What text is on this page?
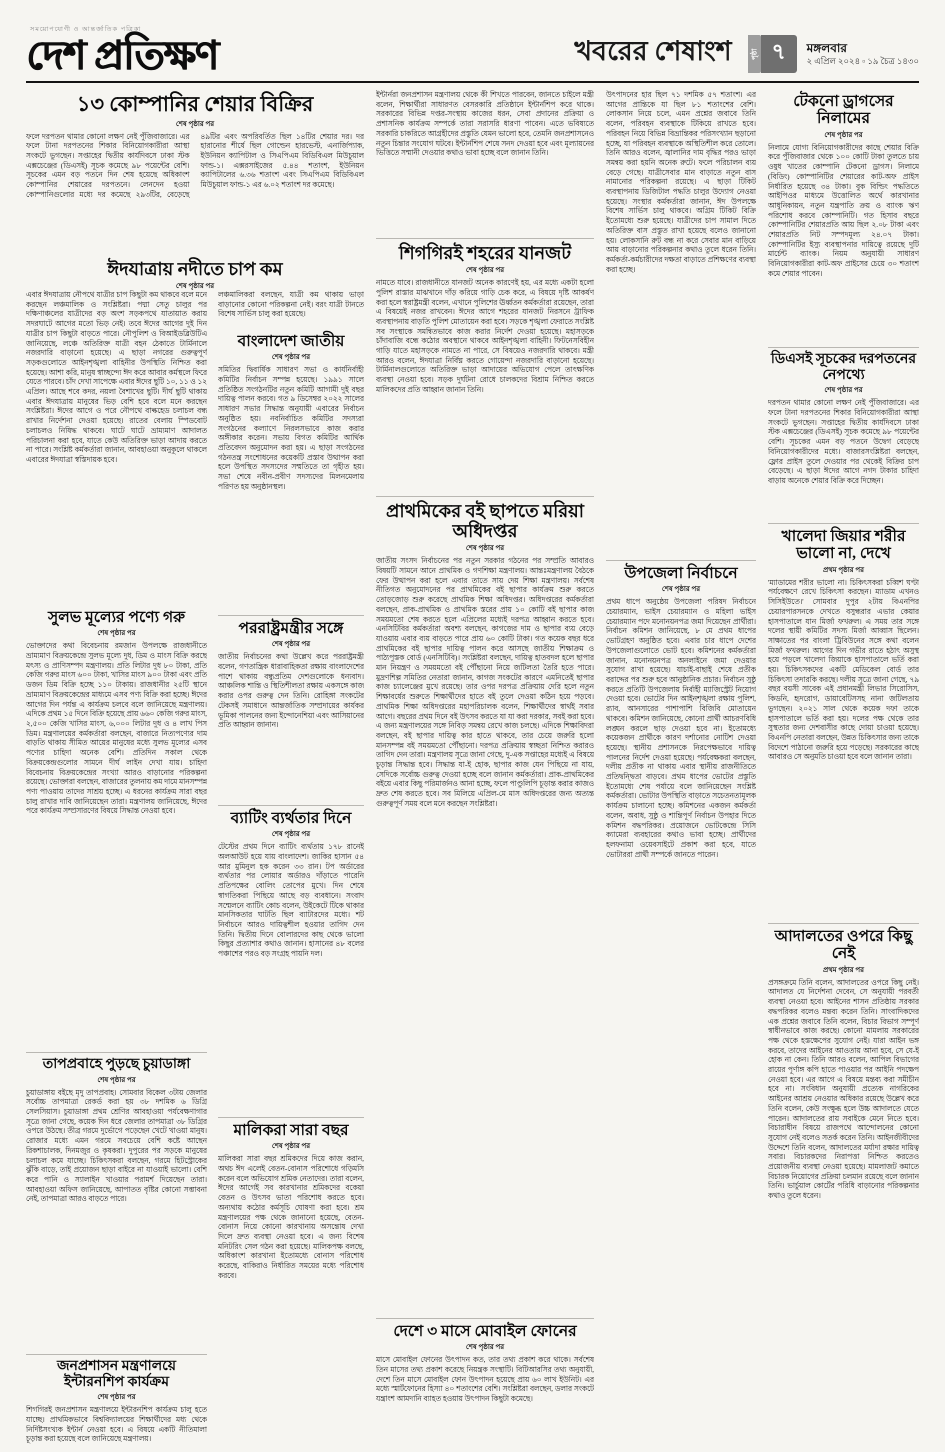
সময়োপযোগী ও আন্তর্জাতিক পত্রিকা
দেশ প্রতিক্ষণ	খবরের শেষাংশ	পৃষ্ঠা ৭	মঙ্গলবার
২ এপ্রিল ২০২৪ ▫ ১৯ চৈত্র ১৪৩০
১৩ কোম্পানির শেয়ার বিক্রির
শেষ পৃষ্ঠার পর
ফলে দরপতন থামার কোনো লক্ষণ নেই পুঁজিবাজারে। এর ফলে টানা দরপতনের শিকার বিনিয়োগকারীরা আস্থা সংকটে ভুগছেন। সপ্তাহের দ্বিতীয় কার্যদিবসে ঢাকা স্টক এক্সচেঞ্জের (ডিএসই) সূচক কমেছে ৯৮ পয়েন্টের বেশি। সূচকের এমন বড় পতনে দিন শেষ হয়েছে অধিকাংশ কোম্পানির শেয়ারের দরপতনে। লেনদেন হওয়া কোম্পানিগুলোর মধ্যে দর কমেছে ২৯৩টির, বেড়েছে ৪৯টির এবং অপরিবর্তিত ছিল ১৪টির শেয়ার দর। দর হারানোর শীর্ষে ছিল গোল্ডেন হারভেস্ট, এনার্জিপ্যাক, ইউনিয়ন ক্যাপিটাল ও সিএপিএম বিডিবিএল মিউচুয়াল ফান্ড-১। এক্সরসাইজের ৫.৪৪ শতাংশ, ইউনিয়ন ক্যাপিটালের ৬.৩৬ শতাংশ এবং সিএপিএম বিডিবিএল মিউচুয়াল ফান্ড-১ এর ৬.০২ শতাংশ দর কমেছে।
ঈদযাত্রায় নদীতে চাপ কম
শেষ পৃষ্ঠার পর
এবার ঈদযাত্রায় নৌপথে যাত্রীর চাপ কিছুটা কম থাকবে বলে মনে করছেন লঞ্চমালিক ও সংশ্লিষ্টরা। পদ্মা সেতু চালুর পর দক্ষিণাঞ্চলের যাত্রীদের বড় অংশ সড়কপথে যাতায়াত করায় সদরঘাটে আগের মতো ভিড় নেই। তবে ঈদের আগের দুই দিন যাত্রীর চাপ কিছুটা বাড়তে পারে। নৌপুলিশ ও বিআইডব্লিউটিএ জানিয়েছে, লঞ্চে অতিরিক্ত যাত্রী বহন ঠেকাতে টার্মিনালে নজরদারি বাড়ানো হয়েছে। এ ছাড়া নগরের গুরুত্বপূর্ণ সড়কগুলোতে আইনশৃঙ্খলা বাহিনীর উপস্থিতি নিশ্চিত করা হয়েছে। আশা করি, মানুষ স্বাচ্ছন্দ্যে ঈদ করে আবার কর্মস্থলে ফিরে যেতে পারবে। চাঁদ দেখা সাপেক্ষে এবার ঈদের ছুটি ১০, ১১ ও ১২ এপ্রিল। আছে শবে কদর, নয়লা বৈশাখের ছুটি। দীর্ঘ ছুটি থাকায় এবার ঈদযাত্রায় মানুষের ভিড় বেশি হবে বলে মনে করছেন সংশ্লিষ্টরা। ঈদের আগে ও পরে নৌপথে বাল্কহেড চলাচল বন্ধ রাখার নির্দেশনা দেওয়া হয়েছে। রাতের বেলায় স্পিডবোট চলাচলও নিষিদ্ধ থাকবে। ঘাটে ঘাটে ভ্রাম্যমাণ আদালত পরিচালনা করা হবে, যাতে কেউ অতিরিক্ত ভাড়া আদায় করতে না পারে। সংশ্লিষ্ট কর্মকর্তারা জানান, আবহাওয়া অনুকূলে থাকলে এবারের ঈদযাত্রা স্বস্তিদায়ক হবে।
সুলভ মূল্যের পণ্যে গরু
শেষ পৃষ্ঠার পর
ভোক্তাদের কথা বিবেচনায় রমজান উপলক্ষে রাজধানীতে ভ্রাম্যমাণ বিক্রয়কেন্দ্রে সুলভ মূল্যে দুধ, ডিম ও মাংস বিক্রি করছে মৎস্য ও প্রাণিসম্পদ মন্ত্রণালয়। প্রতি লিটার দুধ ৮০ টাকা, প্রতি কেজি গরুর মাংস ৬০০ টাকা, খাসির মাংস ৯০০ টাকা এবং প্রতি ডজন ডিম বিক্রি হচ্ছে ১১০ টাকায়। রাজধানীর ২৫টি স্থানে ভ্রাম্যমাণ বিক্রয়কেন্দ্রের মাধ্যমে এসব পণ্য বিক্রি করা হচ্ছে। ঈদের আগের দিন পর্যন্ত এ কার্যক্রম চলবে বলে জানিয়েছে মন্ত্রণালয়। এদিকে প্রথম ১৫ দিনে বিক্রি হয়েছে প্রায় ৬৬০ কেজি গরুর মাংস, ২,৫০০ কেজি খাসির মাংস, ৬,০০০ লিটার দুধ ও ৪ লাখ পিস ডিম। মন্ত্রণালয়ের কর্মকর্তারা বলছেন, বাজারে নিত্যপণ্যের দাম বাড়তি থাকায় সীমিত আয়ের মানুষের মধ্যে সুলভ মূল্যের এসব পণ্যের চাহিদা অনেক বেশি। প্রতিদিন সকাল থেকে বিক্রয়কেন্দ্রগুলোর সামনে দীর্ঘ লাইন দেখা যায়। চাহিদা বিবেচনায় বিক্রয়কেন্দ্রের সংখ্যা আরও বাড়ানোর পরিকল্পনা রয়েছে। ভোক্তারা বলছেন, বাজারের তুলনায় কম দামে মানসম্পন্ন পণ্য পাওয়ায় তাদের সাশ্রয় হচ্ছে। এ ধরনের কার্যক্রম সারা বছর চালু রাখার দাবি জানিয়েছেন তারা। মন্ত্রণালয় জানিয়েছে, ঈদের পরে কার্যক্রম সম্প্রসারণের বিষয়ে সিদ্ধান্ত নেওয়া হবে।
তাপপ্রবাহে পুড়ছে চুয়াডাঙ্গা
শেষ পৃষ্ঠার পর
চুয়াডাঙ্গায় বইছে মৃদু তাপপ্রবাহ। সোমবার বিকেল ৩টায় জেলার সর্বোচ্চ তাপমাত্রা রেকর্ড করা হয় ৩৮ দশমিক ৬ ডিগ্রি সেলসিয়াস। চুয়াডাঙ্গা প্রথম শ্রেণির আবহাওয়া পর্যবেক্ষণাগার সূত্রে জানা গেছে, কয়েক দিন ধরে জেলার তাপমাত্রা ৩৮ ডিগ্রির ওপরে উঠছে। তীব্র গরমে দুর্ভোগে পড়েছেন খেটে খাওয়া মানুষ। রোজার মধ্যে এমন গরমে সবচেয়ে বেশি কষ্টে আছেন রিকশাচালক, দিনমজুর ও কৃষকরা। দুপুরের পর সড়কে মানুষের চলাচল কমে যাচ্ছে। চিকিৎসকরা বলছেন, গরমে হিটস্ট্রোকের ঝুঁকি বাড়ে, তাই প্রয়োজন ছাড়া বাইরে না যাওয়াই ভালো। বেশি করে পানি ও স্যালাইন খাওয়ার পরামর্শ দিয়েছেন তারা। আবহাওয়া অফিস জানিয়েছে, আপাতত বৃষ্টির কোনো সম্ভাবনা নেই, তাপমাত্রা আরও বাড়তে পারে।
জনপ্রশাসন মন্ত্রণালয়ে ইন্টারনশিপ কার্যক্রম
শেষ পৃষ্ঠার পর
শিগগিরই জনপ্রশাসন মন্ত্রণালয়ে ইন্টারনশিপ কার্যক্রম চালু হতে যাচ্ছে। প্রাথমিকভাবে বিশ্ববিদ্যালয়ের শিক্ষার্থীদের মধ্য থেকে নির্দিষ্টসংখ্যক ইন্টার্ন নেওয়া হবে। এ বিষয়ে একটি নীতিমালা চূড়ান্ত করা হয়েছে বলে জানিয়েছে মন্ত্রণালয়।
লঞ্চমালিকরা বলছেন, যাত্রী কম থাকায় ভাড়া বাড়ানোর কোনো পরিকল্পনা নেই। বরং যাত্রী টানতে বিশেষ সার্ভিস চালু করা হয়েছে।
বাংলাদেশ জাতীয়
শেষ পৃষ্ঠার পর
সমিতির দ্বিবার্ষিক সাধারণ সভা ও কার্যনির্বাহী কমিটির নির্বাচন সম্পন্ন হয়েছে। ১৯৯১ সালে প্রতিষ্ঠিত সংগঠনটির নতুন কমিটি আগামী দুই বছর দায়িত্ব পালন করবে। গত ৯ ডিসেম্বর ২০২২ সালের সাধারণ সভার সিদ্ধান্ত অনুযায়ী এবারের নির্বাচন অনুষ্ঠিত হয়। নবনির্বাচিত কমিটির সদস্যরা সংগঠনের কল্যাণে নিরলসভাবে কাজ করার অঙ্গীকার করেন। সভায় বিগত কমিটির আর্থিক প্রতিবেদন অনুমোদন করা হয়। এ ছাড়া সংগঠনের গঠনতন্ত্র সংশোধনের কয়েকটি প্রস্তাব উত্থাপন করা হলে উপস্থিত সদস্যদের সম্মতিতে তা গৃহীত হয়। সভা শেষে নবীন-প্রবীণ সদস্যদের মিলনমেলায় পরিণত হয় অনুষ্ঠানস্থল।
পররাষ্ট্রমন্ত্রীর সঙ্গে
শেষ পৃষ্ঠার পর
জাতীয় নির্বাচনের কথা উল্লেখ করে পররাষ্ট্রমন্ত্রী বলেন, গণতান্ত্রিক ধারাবাহিকতা রক্ষায় বাংলাদেশের পাশে থাকায় বন্ধুপ্রতিম দেশগুলোকে ধন্যবাদ। আঞ্চলিক শান্তি ও স্থিতিশীলতা রক্ষায় একসঙ্গে কাজ করার ওপর গুরুত্ব দেন তিনি। রোহিঙ্গা সংকটের টেকসই সমাধানে আন্তর্জাতিক সম্প্রদায়ের কার্যকর ভূমিকা পালনের জন্য ইন্দোনেশিয়া এবং আসিয়ানের প্রতি আহ্বান জানান।
ব্যাটিং ব্যর্থতার দিনে
শেষ পৃষ্ঠার পর
টেস্টের প্রথম দিনে ব্যাটিং ব্যর্থতায় ১৭৮ রানেই অলআউট হয়ে যায় বাংলাদেশ। জাকির হাসান ৫৪ আর মুমিনুল হক করেন ৩৩ রান। টপ অর্ডারের ব্যর্থতার পর লোয়ার অর্ডারও দাঁড়াতে পারেনি প্রতিপক্ষের বোলিং তোপের মুখে। দিন শেষে স্বাগতিকরা পিছিয়ে আছে বড় ব্যবধানে। সংবাদ সম্মেলনে ব্যাটিং কোচ বলেন, উইকেটে টিকে থাকার মানসিকতার ঘাটতি ছিল ব্যাটারদের মধ্যে। শট নির্বাচনে আরও দায়িত্বশীল হওয়ার তাগিদ দেন তিনি। দ্বিতীয় দিনে বোলারদের কাছ থেকে ভালো কিছুর প্রত্যাশার কথাও জানান। হাসানের ৪৮ বলের পঞ্চাশের পরও বড় সংগ্রহ পায়নি দল।
মালিকরা সারা বছর
শেষ পৃষ্ঠার পর
মালিকরা সারা বছর শ্রমিকদের দিয়ে কাজ করান, অথচ ঈদ এলেই বেতন-বোনাস পরিশোধে গড়িমসি করেন বলে অভিযোগ শ্রমিক নেতাদের। তারা বলেন, ঈদের আগেই সব কারখানার শ্রমিকদের বকেয়া বেতন ও উৎসব ভাতা পরিশোধ করতে হবে। অন্যথায় কঠোর কর্মসূচি ঘোষণা করা হবে। শ্রম মন্ত্রণালয়ের পক্ষ থেকে জানানো হয়েছে, বেতন-বোনাস নিয়ে কোনো কারখানায় অসন্তোষ দেখা দিলে দ্রুত ব্যবস্থা নেওয়া হবে। এ জন্য বিশেষ মনিটরিং সেল গঠন করা হয়েছে। মালিকপক্ষ বলছে, অধিকাংশ কারখানা ইতোমধ্যে বোনাস পরিশোধ করেছে, বাকিরাও নির্ধারিত সময়ের মধ্যে পরিশোধ করবে।
ইন্টার্নরা জনপ্রশাসন মন্ত্রণালয় থেকে কী শিখতে পারবেন, জানতে চাইলে মন্ত্রী বলেন, শিক্ষার্থীরা সাধারণত বেসরকারি প্রতিষ্ঠানে ইন্টার্নশিপ করে থাকে। সরকারের বিভিন্ন দপ্তর-সংস্থায় কাজের ধরন, সেবা প্রদানের প্রক্রিয়া ও প্রশাসনিক কার্যক্রম সম্পর্কে তারা সরাসরি ধারণা পাবেন। এতে ভবিষ্যতে সরকারি চাকরিতে আগ্রহীদের প্রস্তুতি যেমন ভালো হবে, তেমনি জনপ্রশাসনেও নতুন চিন্তার সংযোগ ঘটবে। ইন্টার্নশিপ শেষে সনদ দেওয়া হবে এবং মূল্যায়নের ভিত্তিতে সম্মানী দেওয়ার কথাও ভাবা হচ্ছে বলে জানান তিনি।
শিগগিরই শহরের যানজট
শেষ পৃষ্ঠার পর
নামতে যাবে। রাজধানীতে যানজট অনেক কারণেই হয়, এর মধ্যে একটা হলো পুলিশ রাস্তার মাঝখানে দাঁড় করিয়ে গাড়ি চেক করে, এ বিষয়ে দৃষ্টি আকর্ষণ করা হলে স্বরাষ্ট্রমন্ত্রী বলেন, এখানে পুলিশের ঊর্ধ্বতন কর্মকর্তারা রয়েছেন, তারা এ বিষয়েই নজর রাখবেন। ঈদের আগে শহরের যানজট নিরসনে ট্রাফিক ব্যবস্থাপনায় বাড়তি পুলিশ মোতায়েন করা হবে। সড়কে শৃঙ্খলা ফেরাতে সংশ্লিষ্ট সব সংস্থাকে সমন্বিতভাবে কাজ করার নির্দেশ দেওয়া হয়েছে। মহাসড়কে চাঁদাবাজি বন্ধে কঠোর অবস্থানে থাকবে আইনশৃঙ্খলা বাহিনী। ফিটনেসবিহীন গাড়ি যাতে মহাসড়কে নামতে না পারে, সে বিষয়েও নজরদারি থাকবে। মন্ত্রী আরও বলেন, ঈদযাত্রা নির্বিঘ্ন করতে গোয়েন্দা নজরদারি বাড়ানো হয়েছে। টার্মিনালগুলোতে অতিরিক্ত ভাড়া আদায়ের অভিযোগ পেলে তাৎক্ষণিক ব্যবস্থা নেওয়া হবে। সড়ক দুর্ঘটনা রোধে চালকদের বিশ্রাম নিশ্চিত করতে মালিকদের প্রতি আহ্বান জানান তিনি।
প্রাথমিকের বই ছাপতে মরিয়া অধিদপ্তর
শেষ পৃষ্ঠার পর
জাতীয় সংসদ নির্বাচনের পর নতুন সরকার গঠনের পর সম্প্রতি আবারও বিষয়টি সামনে আনে প্রাথমিক ও গণশিক্ষা মন্ত্রণালয়। আন্তঃমন্ত্রণালয় বৈঠকে ফের উত্থাপন করা হলে এবার তাতে সায় দেয় শিক্ষা মন্ত্রণালয়। সর্বশেষ নীতিগত অনুমোদনের পর প্রাথমিকের বই ছাপার কার্যক্রম শুরু করতে তোড়জোড় শুরু করেছে প্রাথমিক শিক্ষা অধিদপ্তর। অধিদপ্তরের কর্মকর্তারা বলছেন, প্রাক-প্রাথমিক ও প্রাথমিক স্তরের প্রায় ১০ কোটি বই ছাপার কাজ সময়মতো শেষ করতে হলে এপ্রিলের মধ্যেই দরপত্র আহ্বান করতে হবে। এনসিটিবির কর্মকর্তারা অবশ্য বলছেন, কাগজের দাম ও ছাপার ব্যয় বেড়ে যাওয়ায় এবার ব্যয় বাড়তে পারে প্রায় ৬০ কোটি টাকা। গত কয়েক বছর ধরে প্রাথমিকের বই ছাপার দায়িত্ব পালন করে আসছে জাতীয় শিক্ষাক্রম ও পাঠ্যপুস্তক বোর্ড (এনসিটিবি)। সংশ্লিষ্টরা বলছেন, দায়িত্ব হাতবদল হলে ছাপার মান নিয়ন্ত্রণ ও সময়মতো বই পৌঁছানো নিয়ে জটিলতা তৈরি হতে পারে। মুদ্রণশিল্প সমিতির নেতারা জানান, কাগজ সংকটের কারণে এমনিতেই ছাপার কাজ চ্যালেঞ্জের মুখে রয়েছে। তার ওপর দরপত্র প্রক্রিয়ায় দেরি হলে নতুন শিক্ষাবর্ষের শুরুতে শিক্ষার্থীদের হাতে বই তুলে দেওয়া কঠিন হয়ে পড়বে। প্রাথমিক শিক্ষা অধিদপ্তরের মহাপরিচালক বলেন, শিক্ষার্থীদের স্বার্থই সবার আগে। বছরের প্রথম দিনে বই উৎসব করতে যা যা করা দরকার, সবই করা হবে। এ জন্য মন্ত্রণালয়ের সঙ্গে নিবিড় সমন্বয় রেখে কাজ চলছে। এদিকে শিক্ষাবিদরা বলছেন, বই ছাপার দায়িত্ব কার হাতে থাকবে, তার চেয়ে জরুরি হলো মানসম্পন্ন বই সময়মতো পৌঁছানো। দরপত্র প্রক্রিয়ায় স্বচ্ছতা নিশ্চিত করারও তাগিদ দেন তারা। মন্ত্রণালয় সূত্রে জানা গেছে, দু-এক সপ্তাহের মধ্যেই এ বিষয়ে চূড়ান্ত সিদ্ধান্ত হবে। সিদ্ধান্ত যা-ই হোক, ছাপার কাজ যেন পিছিয়ে না যায়, সেদিকে সর্বোচ্চ গুরুত্ব দেওয়া হচ্ছে বলে জানান কর্মকর্তারা। প্রাক-প্রাথমিকের বইয়ে এবার কিছু পরিমার্জনও আনা হচ্ছে, ফলে পাণ্ডুলিপি চূড়ান্ত করার কাজও দ্রুত শেষ করতে হবে। সব মিলিয়ে এপ্রিল-মে মাস অধিদপ্তরের জন্য অত্যন্ত গুরুত্বপূর্ণ সময় বলে মনে করছেন সংশ্লিষ্টরা।
দেশে ৩ মাসে মোবাইল ফোনের
শেষ পৃষ্ঠার পর
মাসে মোবাইল ফোনের উৎপাদন কত, তার তথ্য প্রকাশ করে থাকে। সর্বশেষ তিন মাসের তথ্য প্রকাশ করেছে নিয়ন্ত্রক সংস্থাটি। বিটিআরসির তথ্য অনুযায়ী, দেশে তিন মাসে মোবাইল ফোন উৎপাদন হয়েছে প্রায় ৬০ লাখ ইউনিট। এর মধ্যে স্মার্টফোনের হিস্যা ৪০ শতাংশের বেশি। সংশ্লিষ্টরা বলছেন, ডলার সংকটে যন্ত্রাংশ আমদানি ব্যাহত হওয়ায় উৎপাদন কিছুটা কমেছে।
উৎপাদনের হার ছিল ৭১ দশমিক ৫৭ শতাংশ। এর আগের প্রান্তিকে যা ছিল ৮১ শতাংশের বেশি। লোকসান নিয়ে চলে, এমন প্রশ্নের জবাবে তিনি বলেন, পরিবহন ব্যবস্থাকে টিকিয়ে রাখতে হবে। পরিবহন নিয়ে বিভিন্ন বিভ্রান্তিকর পরিসংখ্যান ছড়ানো হচ্ছে, যা পরিবহন ব্যবস্থাকে অস্থিতিশীল করে তোলে। তিনি আরও বলেন, জ্বালানির দাম বৃদ্ধির পরও ভাড়া সমন্বয় করা হয়নি অনেক রুটে। ফলে পরিচালন ব্যয় বেড়ে গেছে। যাত্রীসেবার মান বাড়াতে নতুন বাস নামানোর পরিকল্পনা রয়েছে। এ ছাড়া টিকিট ব্যবস্থাপনায় ডিজিটাল পদ্ধতি চালুর উদ্যোগ নেওয়া হয়েছে। সংস্থার কর্মকর্তারা জানান, ঈদ উপলক্ষে বিশেষ সার্ভিস চালু থাকবে। অগ্রিম টিকিট বিক্রি ইতোমধ্যে শুরু হয়েছে। যাত্রীদের চাপ সামাল দিতে অতিরিক্ত বাস প্রস্তুত রাখা হয়েছে বলেও জানানো হয়। লোকসানি রুট বন্ধ না করে সেবার মান বাড়িয়ে আয় বাড়ানোর পরিকল্পনার কথাও তুলে ধরেন তিনি। কর্মকর্তা-কর্মচারীদের দক্ষতা বাড়াতে প্রশিক্ষণের ব্যবস্থা করা হচ্ছে।
উপজেলা নির্বাচনে
শেষ পৃষ্ঠার পর
প্রথম ধাপে অনুষ্ঠেয় উপজেলা পরিষদ নির্বাচনে চেয়ারম্যান, ভাইস চেয়ারম্যান ও মহিলা ভাইস চেয়ারম্যান পদে মনোনয়নপত্র জমা দিয়েছেন প্রার্থীরা। নির্বাচন কমিশন জানিয়েছে, ৮ মে প্রথম ধাপের ভোটগ্রহণ অনুষ্ঠিত হবে। এবার চার ধাপে দেশের উপজেলাগুলোতে ভোট হবে। কমিশনের কর্মকর্তারা জানান, মনোনয়নপত্র অনলাইনে জমা দেওয়ার সুযোগ রাখা হয়েছে। যাচাই-বাছাই শেষে প্রতীক বরাদ্দের পর শুরু হবে আনুষ্ঠানিক প্রচার। নির্বাচন সুষ্ঠু করতে প্রতিটি উপজেলায় নির্বাহী ম্যাজিস্ট্রেট নিয়োগ দেওয়া হবে। ভোটের দিন আইনশৃঙ্খলা রক্ষায় পুলিশ, র‌্যাব, আনসারের পাশাপাশি বিজিবি মোতায়েন থাকবে। কমিশন জানিয়েছে, কোনো প্রার্থী আচরণবিধি লঙ্ঘন করলে ছাড় দেওয়া হবে না। ইতোমধ্যে কয়েকজন প্রার্থীকে কারণ দর্শানোর নোটিশ দেওয়া হয়েছে। স্থানীয় প্রশাসনকে নিরপেক্ষভাবে দায়িত্ব পালনের নির্দেশ দেওয়া হয়েছে। পর্যবেক্ষকরা বলছেন, দলীয় প্রতীক না থাকায় এবার স্থানীয় রাজনীতিতে প্রতিদ্বন্দ্বিতা বাড়বে। প্রথম ধাপের ভোটের প্রস্তুতি ইতোমধ্যে শেষ পর্যায়ে বলে জানিয়েছেন সংশ্লিষ্ট কর্মকর্তারা। ভোটার উপস্থিতি বাড়াতে সচেতনতামূলক কার্যক্রম চালানো হচ্ছে। কমিশনের একজন কর্মকর্তা বলেন, অবাধ, সুষ্ঠু ও শান্তিপূর্ণ নির্বাচন উপহার দিতে কমিশন বদ্ধপরিকর। প্রয়োজনে ভোটকেন্দ্রে সিসি ক্যামেরা ব্যবহারের কথাও ভাবা হচ্ছে। প্রার্থীদের হলফনামা ওয়েবসাইটে প্রকাশ করা হবে, যাতে ভোটাররা প্রার্থী সম্পর্কে জানতে পারেন।
টেকনো ড্রাগসের নিলামের
শেষ পৃষ্ঠার পর
নিলামে যোগ্য বিনিয়োগকারীদের কাছে শেয়ার বিক্রি করে পুঁজিবাজার থেকে ১০০ কোটি টাকা তুলতে চায় ওষুধ খাতের কোম্পানি টেকনো ড্রাগস। নিলামে (বিডিং) কোম্পানিটির শেয়ারের কাট-অফ প্রাইস নির্ধারিত হয়েছে ৩৪ টাকা। বুক বিল্ডিং পদ্ধতিতে আইপিওর মাধ্যমে উত্তোলিত অর্থে কারখানার আধুনিকায়ন, নতুন যন্ত্রপাতি ক্রয় ও ব্যাংক ঋণ পরিশোধ করবে কোম্পানিটি। গত হিসাব বছরে কোম্পানিটির শেয়ারপ্রতি আয় ছিল ২.০৮ টাকা এবং শেয়ারপ্রতি নিট সম্পদমূল্য ২৪.০৭ টাকা। কোম্পানিটির ইস্যু ব্যবস্থাপনার দায়িত্বে রয়েছে দুটি মার্চেন্ট ব্যাংক। নিয়ম অনুযায়ী সাধারণ বিনিয়োগকারীরা কাট-অফ প্রাইসের চেয়ে ৩০ শতাংশ কমে শেয়ার পাবেন।
ডিএসই সূচকের দরপতনের নেপথ্যে
শেষ পৃষ্ঠার পর
দরপতন থামার কোনো লক্ষণ নেই পুঁজিবাজারে। এর ফলে টানা দরপতনের শিকার বিনিয়োগকারীরা আস্থা সংকটে ভুগছেন। সপ্তাহের দ্বিতীয় কার্যদিবসে ঢাকা স্টক এক্সচেঞ্জের (ডিএসই) সূচক কমেছে ৯৮ পয়েন্টের বেশি। সূচকের এমন বড় পতনে উদ্বেগ বেড়েছে বিনিয়োগকারীদের মধ্যে। বাজারসংশ্লিষ্টরা বলছেন, ফ্লোর প্রাইস তুলে দেওয়ার পর থেকেই বিক্রির চাপ বেড়েছে। এ ছাড়া ঈদের আগে নগদ টাকার চাহিদা বাড়ায় অনেকে শেয়ার বিক্রি করে দিচ্ছেন।
খালেদা জিয়ার শরীর ভালো না, দেখে
প্রথম পৃষ্ঠার পর
'ম্যাডামের শরীর ভালো না। চিকিৎসকরা চব্বিশ ঘণ্টা পর্যবেক্ষণে রেখে চিকিৎসা করছেন। ম্যাডাম এখনও সিসিইউতে।' সোমবার দুপুর ২টায় বিএনপির চেয়ারপারসনকে দেখতে বসুন্ধরার এভার কেয়ার হাসপাতালে যান মির্জা ফখরুল। এ সময় তার সঙ্গে দলের স্থায়ী কমিটির সদস্য মির্জা আব্বাস ছিলেন। সাক্ষাতের পর বাংলা ট্রিবিউনের সঙ্গে কথা বলেন মির্জা ফখরুল। আগের দিন গভীর রাতে হঠাৎ অসুস্থ হয়ে পড়লে খালেদা জিয়াকে হাসপাতালে ভর্তি করা হয়। চিকিৎসকদের একটি মেডিকেল বোর্ড তার চিকিৎসা তদারকি করছে। দলীয় সূত্রে জানা গেছে, ৭৯ বছর বয়সী সাবেক এই প্রধানমন্ত্রী লিভার সিরোসিস, কিডনি, হৃদরোগ, ডায়াবেটিসসহ নানা জটিলতায় ভুগছেন। ২০২১ সাল থেকে কয়েক দফা তাকে হাসপাতালে ভর্তি করা হয়। দলের পক্ষ থেকে তার সুস্থতার জন্য দেশবাসীর কাছে দোয়া চাওয়া হয়েছে। বিএনপি নেতারা বলছেন, উন্নত চিকিৎসার জন্য তাকে বিদেশে পাঠানো জরুরি হয়ে পড়েছে। সরকারের কাছে আবারও সে অনুমতি চাওয়া হবে বলে জানান তারা।
আদালতের ওপরে কিছু নেই
প্রথম পৃষ্ঠার পর
প্রসঙ্গক্রমে তিনি বলেন, আদালতের ওপরে কিছু নেই। আদালত যে নির্দেশনা দেবেন, সে অনুযায়ী পরবর্তী ব্যবস্থা নেওয়া হবে। আইনের শাসন প্রতিষ্ঠায় সরকার বদ্ধপরিকর বলেও মন্তব্য করেন তিনি। সাংবাদিকদের এক প্রশ্নের জবাবে তিনি বলেন, বিচার বিভাগ সম্পূর্ণ স্বাধীনভাবে কাজ করছে। কোনো মামলায় সরকারের পক্ষ থেকে হস্তক্ষেপের সুযোগ নেই। যারা আইন ভঙ্গ করবে, তাদের আইনের আওতায় আনা হবে, সে যে-ই হোক না কেন। তিনি আরও বলেন, আপিল বিভাগের রায়ের পূর্ণাঙ্গ কপি হাতে পাওয়ার পর আইনি পদক্ষেপ নেওয়া হবে। এর আগে এ বিষয়ে মন্তব্য করা সমীচীন হবে না। সংবিধান অনুযায়ী প্রত্যেক নাগরিকের আইনের আশ্রয় নেওয়ার অধিকার রয়েছে উল্লেখ করে তিনি বলেন, কেউ সংক্ষুব্ধ হলে উচ্চ আদালতে যেতে পারেন। আদালতের রায় সবাইকে মেনে নিতে হবে। বিচারাধীন বিষয়ে রাজপথে আন্দোলনের কোনো সুযোগ নেই বলেও সতর্ক করেন তিনি। আইনজীবীদের উদ্দেশে তিনি বলেন, আদালতের মর্যাদা রক্ষার দায়িত্ব সবার। বিচারকদের নিরাপত্তা নিশ্চিত করতেও প্রয়োজনীয় ব্যবস্থা নেওয়া হয়েছে। মামলাজট কমাতে বিচারক নিয়োগের প্রক্রিয়া চলমান রয়েছে বলে জানান তিনি। ভার্চুয়াল কোর্টের পরিধি বাড়ানোর পরিকল্পনার কথাও তুলে ধরেন।
